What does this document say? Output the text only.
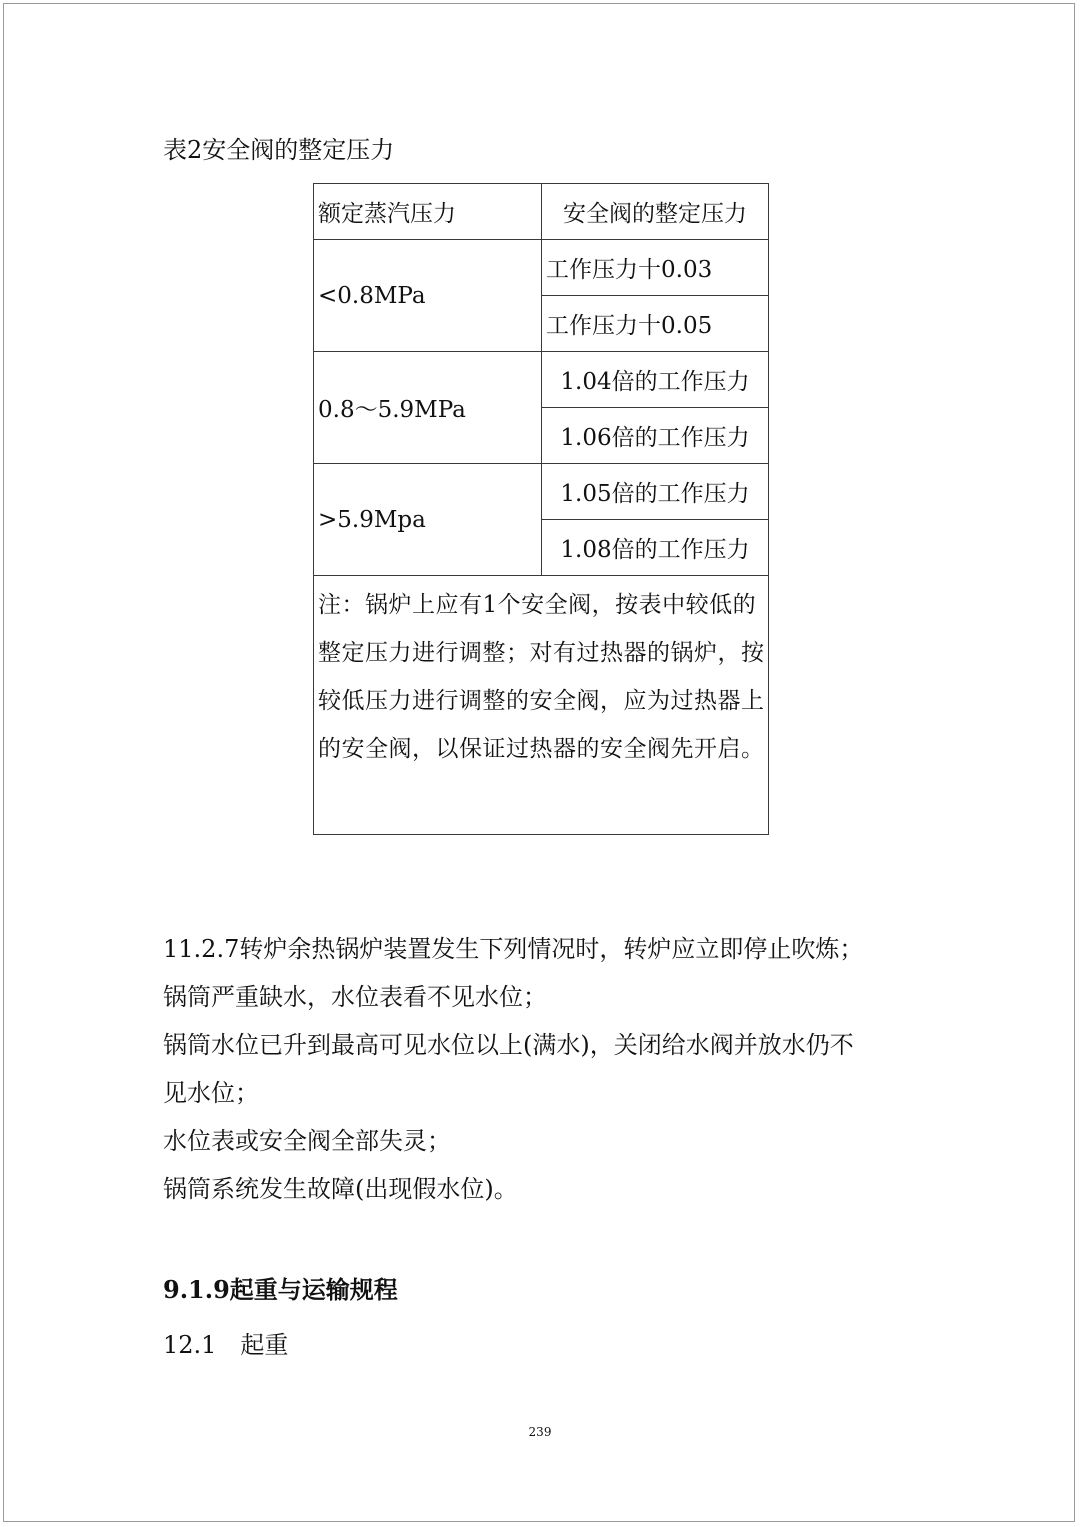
表2安全阀的整定压力
额定蒸汽压力	安全阀的整定压力
<0.8MPa	工作压力十0.03
	工作压力十0.05
0.8～5.9MPa	1.04倍的工作压力
	1.06倍的工作压力
>5.9Mpa	1.05倍的工作压力
	1.08倍的工作压力
注：锅炉上应有1个安全阀，按表中较低的整定压力进行调整；对有过热器的锅炉，按较低压力进行调整的安全阀，应为过热器上的安全阀，以保证过热器的安全阀先开启。	
11.2.7转炉余热锅炉装置发生下列情况时，转炉应立即停止吹炼；
锅筒严重缺水，水位表看不见水位；
锅筒水位已升到最高可见水位以上(满水)，关闭给水阀并放水仍不
见水位；
水位表或安全阀全部失灵；
锅筒系统发生故障(出现假水位)。
9.1.9起重与运输规程
12.1　起重
239
